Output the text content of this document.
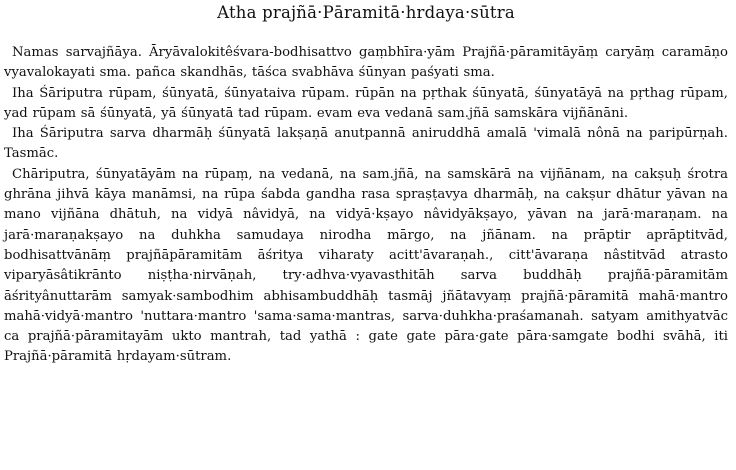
Atha prajñā·Pāramitā·hrdaya·sūtra

Namas sarvajñāya. Āryāvalokitêśvara-bodhisattvo gaṃbhīra·yām Prajñā·pāramitāyāṃ caryāṃ caramāṇo vyavalokayati sma. pañca skandhās, tāśca svabhāva śūnyan paśyati sma.

Iha Śāriputra rūpam, śūnyatā, śūnyataiva rūpam. rūpān na pṛthak śūnyatā, śūnyatāyā na pṛthag rūpam, yad rūpam sā śūnyatā, yā śūnyatā tad rūpam. evam eva vedanā sam.jñā samskāra vijñānāni.

Iha Śāriputra sarva dharmāḥ śūnyatā lakṣaṇā anutpannā aniruddhā amalā 'vimalā nônā na paripūrṇah. Tasmāc.

Chāriputra, śūnyatāyām na rūpaṃ, na vedanā, na sam.jñā, na samskārā na vijñānam, na cakṣuḥ śrotra ghrāna jihvā kāya manāmsi, na rūpa śabda gandha rasa spraṣṭavya dharmāḥ, na cakṣur dhātur yāvan na mano vijñāna dhātuh, na vidyā nâvidyā, na vidyā·kṣayo nâvidyākṣayo, yāvan na jarā·maraṇam. na jarā·maraṇakṣayo na duhkha samudaya nirodha mārgo, na jñānam. na prāptir aprāptitvād, bodhisattvānāṃ prajñāpāramitām āśritya viharaty acitt'āvaraṇah., citt'āvaraṇa nâstitvād atrasto viparyāsâtikrānto niṣṭha·nirvāṇah, try·adhva·vyavasthitāh sarva buddhāḥ prajñā·pāramitām āśrityânuttarām samyak·sambodhim abhisambuddhāḥ tasmāj jñātavyaṃ prajñā·pāramitā mahā·mantro mahā·vidyā·mantro 'nuttara·mantro 'sama·sama·mantras, sarva·duhkha·praśamanah. satyam amithyatvāc ca prajñā·pāramitayām ukto mantrah, tad yathā : gate gate pāra·gate pāra·samgate bodhi svāhā, iti Prajñā·pāramitā hṛdayam·sūtram.
